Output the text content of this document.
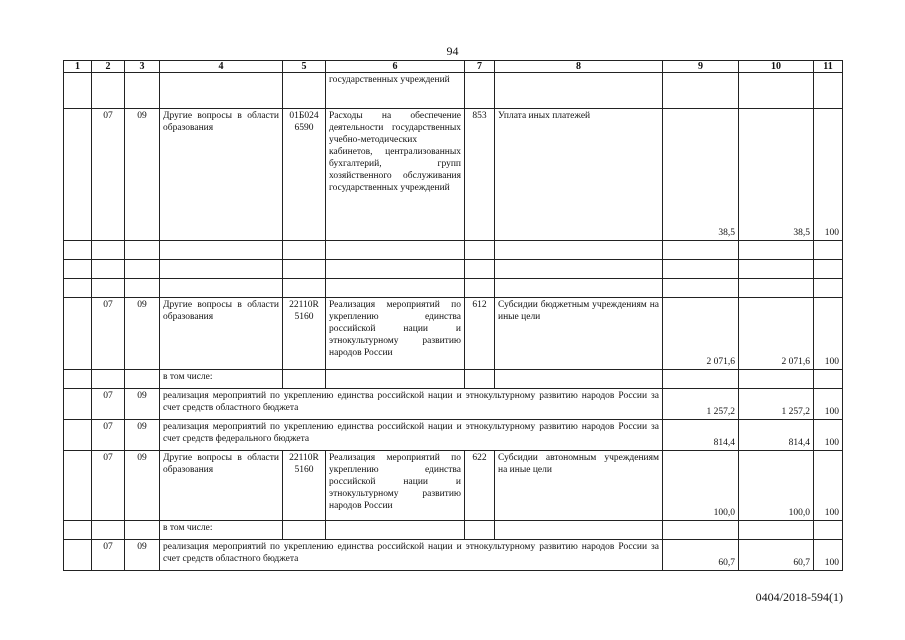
94
1	2	3	4	5	6	7	8	9	10	11
					государственных учреждений					
	07	09	Другие вопросы в области образования	01Б024 6590	Расходы на обеспечение деятельности государственных учебно-методических кабинетов, централизованных бухгалтерий, групп хозяйственного обслуживания государственных учреждений	853	Уплата иных платежей	38,5	38,5	100

	07	09	Другие вопросы в области образования	22110R 5160	Реализация мероприятий по укреплению единства российской нации и этнокультурному развитию народов России	612	Субсидии бюджетным учреждениям на иные цели	2 071,6	2 071,6	100
			в том числе:							
	07	09	реализация мероприятий по укреплению единства российской нации и этнокультурному развитию народов России за счет средств областного бюджета					1 257,2	1 257,2	100
	07	09	реализация мероприятий по укреплению единства российской нации и этнокультурному развитию народов России за счет средств федерального бюджета					814,4	814,4	100
	07	09	Другие вопросы в области образования	22110R 5160	Реализация мероприятий по укреплению единства российской нации и этнокультурному развитию народов России	622	Субсидии автономным учреждениям на иные цели	100,0	100,0	100
			в том числе:							
	07	09	реализация мероприятий по укреплению единства российской нации и этнокультурному развитию народов России за счет средств областного бюджета					60,7	60,7	100
0404/2018-594(1)
